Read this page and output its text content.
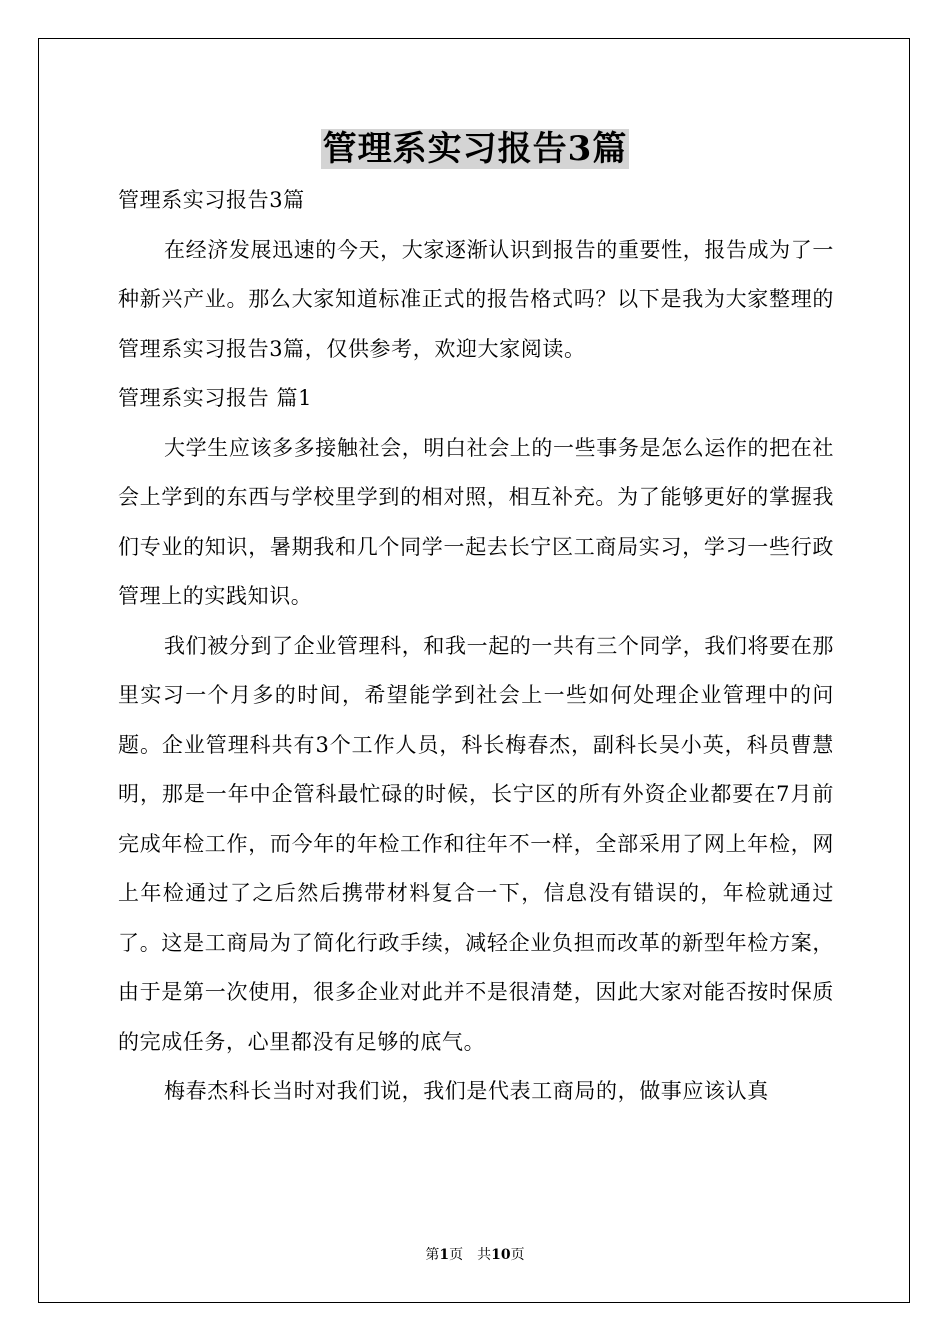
管理系实习报告3篇

管理系实习报告3篇

在经济发展迅速的今天，大家逐渐认识到报告的重要性，报告成为了一种新兴产业。那么大家知道标准正式的报告格式吗？以下是我为大家整理的管理系实习报告3篇，仅供参考，欢迎大家阅读。

管理系实习报告 篇1

大学生应该多多接触社会，明白社会上的一些事务是怎么运作的把在社会上学到的东西与学校里学到的相对照，相互补充。为了能够更好的掌握我们专业的知识，暑期我和几个同学一起去长宁区工商局实习，学习一些行政管理上的实践知识。

我们被分到了企业管理科，和我一起的一共有三个同学，我们将要在那里实习一个月多的时间，希望能学到社会上一些如何处理企业管理中的问题。企业管理科共有3个工作人员，科长梅春杰，副科长吴小英，科员曹慧明，那是一年中企管科最忙碌的时候，长宁区的所有外资企业都要在7月前完成年检工作，而今年的年检工作和往年不一样，全部采用了网上年检，网上年检通过了之后然后携带材料复合一下，信息没有错误的，年检就通过了。这是工商局为了简化行政手续，减轻企业负担而改革的新型年检方案，由于是第一次使用，很多企业对此并不是很清楚，因此大家对能否按时保质的完成任务，心里都没有足够的底气。

梅春杰科长当时对我们说，我们是代表工商局的，做事应该认真

第1页　共10页
